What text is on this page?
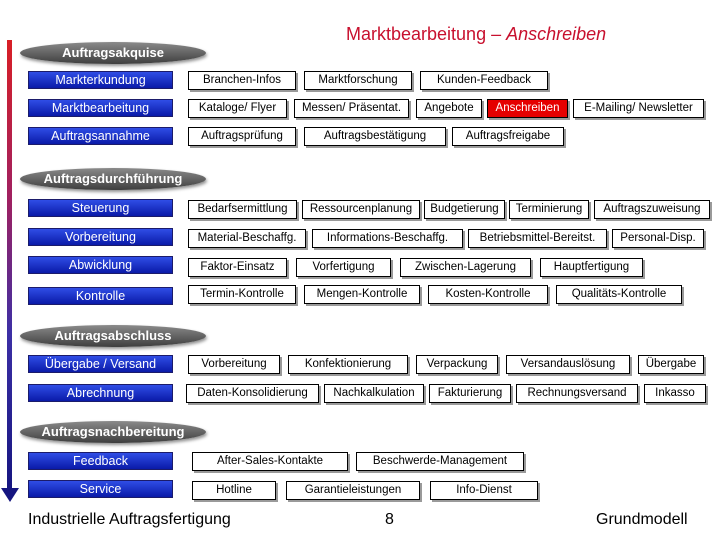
Marktbearbeitung – Anschreiben
Auftragsakquise
Markterkundung	Branchen-Infos	Marktforschung	Kunden-Feedback
Marktbearbeitung	Kataloge/ Flyer	Messen/ Präsentat.	Angebote	Anschreiben	E-Mailing/ Newsletter
Auftragsannahme	Auftragsprüfung	Auftragsbestätigung	Auftragsfreigabe
Auftragsdurchführung
Steuerung	Bedarfsermittlung	Ressourcenplanung	Budgetierung	Terminierung	Auftragszuweisung
Vorbereitung	Material-Beschaffg.	Informations-Beschaffg.	Betriebsmittel-Bereitst.	Personal-Disp.
Abwicklung	Faktor-Einsatz	Vorfertigung	Zwischen-Lagerung	Hauptfertigung
Kontrolle	Termin-Kontrolle	Mengen-Kontrolle	Kosten-Kontrolle	Qualitäts-Kontrolle
Auftragsabschluss
Übergabe / Versand	Vorbereitung	Konfektionierung	Verpackung	Versandauslösung	Übergabe
Abrechnung	Daten-Konsolidierung	Nachkalkulation	Fakturierung	Rechnungsversand	Inkasso
Auftragsnachbereitung
Feedback	After-Sales-Kontakte	Beschwerde-Management
Service	Hotline	Garantieleistungen	Info-Dienst
Industrielle Auftragsfertigung	8	Grundmodell
